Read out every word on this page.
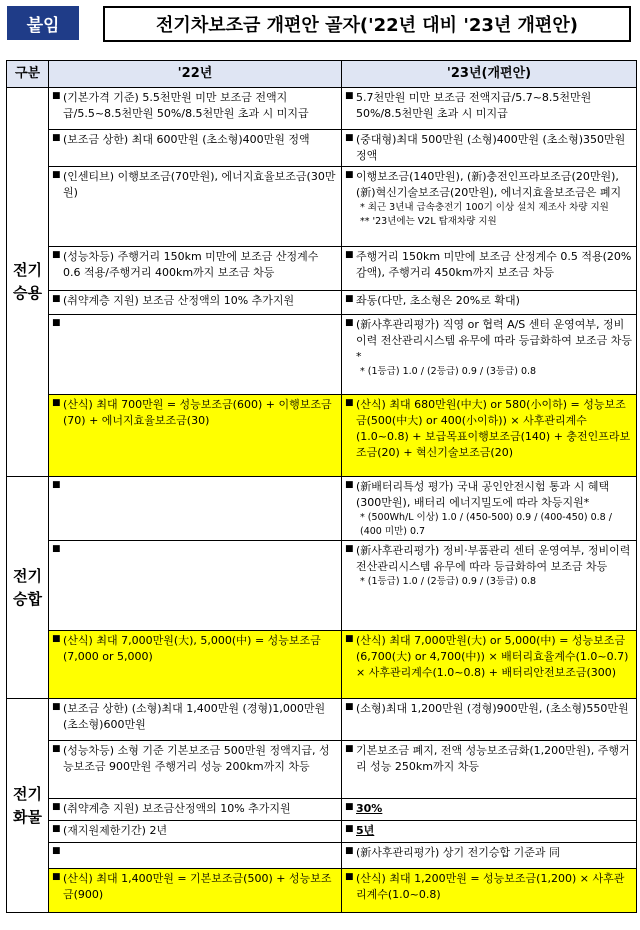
붙임	전기차보조금 개편안 골자('22년 대비 '23년 개편안)
구분	'22년	'23년(개편안)
전기
승용	■ (기본가격 기준) 5.5천만원 미만 보조금 전액지급/5.5~8.5천만원 50%/8.5천만원 초과 시 미지급	■ 5.7천만원 미만 보조금 전액지급/5.7~8.5천만원 50%/8.5천만원 초과 시 미지급
	■ (보조금 상한) 최대 600만원 (초소형)400만원 정액	■ (중대형)최대 500만원 (소형)400만원 (초소형)350만원 정액
	■ (인센티브) 이행보조금(70만원), 에너지효율보조금(30만원)	■ 이행보조금(140만원), (新)충전인프라보조금(20만원), (新)혁신기술보조금(20만원), 에너지효율보조금은 폐지
* 최근 3년내 급속충전기 100기 이상 설치 제조사 차량 지원
** '23년에는 V2L 탑재차량 지원

	■ (성능차등) 주행거리 150km 미만에 보조금 산정계수 0.6 적용/주행거리 400km까지 보조금 차등	■ 주행거리 150km 미만에 보조금 산정계수 0.5 적용(20% 감액), 주행거리 450km까지 보조금 차등
	■ (취약계층 지원) 보조금 산정액의 10% 추가지원	■ 좌동(다만, 초소형은 20%로 확대)
■	■ (新사후관리평가) 직영 or 협력 A/S 센터 운영여부, 정비이력 전산관리시스템 유무에 따라 등급화하여 보조금 차등*
* (1등급) 1.0 / (2등급) 0.9 / (3등급) 0.8

	■ (산식) 최대 700만원 = 성능보조금(600) + 이행보조금(70) + 에너지효율보조금(30)	■ (산식) 최대 680만원(中大) or 580(小이하) = 성능보조금(500(中大) or 400(小이하)) × 사후관리계수(1.0~0.8) + 보급목표이행보조금(140) + 충전인프라보조금(20) + 혁신기술보조금(20)
전기
승합	■	■ (新배터리특성 평가) 국내 공인안전시험 통과 시 혜택(300만원), 배터리 에너지밀도에 따라 차등지원*
* (500Wh/L 이상) 1.0 / (450-500) 0.9 / (400-450) 0.8 / (400 미만) 0.7

■	■ (新사후관리평가) 정비·부품관리 센터 운영여부, 정비이력 전산관리시스템 유무에 따라 등급화하여 보조금 차등
* (1등급) 1.0 / (2등급) 0.9 / (3등급) 0.8

	■ (산식) 최대 7,000만원(大), 5,000(中) = 성능보조금(7,000 or 5,000)	■ (산식) 최대 7,000만원(大) or 5,000(中) = 성능보조금(6,700(大) or 4,700(中)) × 배터리효율계수(1.0~0.7) × 사후관리계수(1.0~0.8) + 배터리안전보조금(300)
전기
화물	■ (보조금 상한) (소형)최대 1,400만원 (경형)1,000만원 (초소형)600만원	■ (소형)최대 1,200만원 (경형)900만원, (초소형)550만원
	■ (성능차등) 소형 기준 기본보조금 500만원 정액지급, 성능보조금 900만원 주행거리 성능 200km까지 차등	■ 기본보조금 폐지, 전액 성능보조금화(1,200만원), 주행거리 성능 250km까지 차등
	■ (취약계층 지원) 보조금산정액의 10% 추가지원	■ 30%
	■ (재지원제한기간) 2년	■ 5년
■	■ (新사후관리평가) 상기 전기승합 기준과 同
	■ (산식) 최대 1,400만원 = 기본보조금(500) + 성능보조금(900)	■ (산식) 최대 1,200만원 = 성능보조금(1,200) × 사후관리계수(1.0~0.8)
